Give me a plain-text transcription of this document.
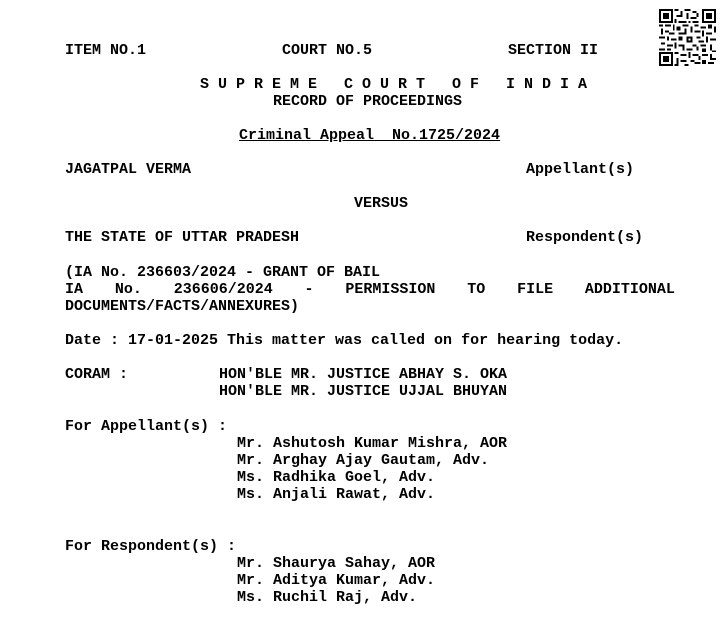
ITEM NO.1	COURT NO.5	SECTION II
S U P R E M E   C O U R T   O F   I N D I A
RECORD OF PROCEEDINGS
Criminal Appeal  No.1725/2024
JAGATPAL VERMA	Appellant(s)
VERSUS
THE STATE OF UTTAR PRADESH	Respondent(s)
(IA No. 236603/2024 - GRANT OF BAIL
IA No. 236606/2024 - PERMISSION TO FILE ADDITIONAL
DOCUMENTS/FACTS/ANNEXURES)
Date : 17-01-2025 This matter was called on for hearing today.
CORAM :	HON'BLE MR. JUSTICE ABHAY S. OKA
HON'BLE MR. JUSTICE UJJAL BHUYAN
For Appellant(s) :
Mr. Ashutosh Kumar Mishra, AOR
Mr. Arghay Ajay Gautam, Adv.
Ms. Radhika Goel, Adv.
Ms. Anjali Rawat, Adv.
For Respondent(s) :
Mr. Shaurya Sahay, AOR
Mr. Aditya Kumar, Adv.
Ms. Ruchil Raj, Adv.
